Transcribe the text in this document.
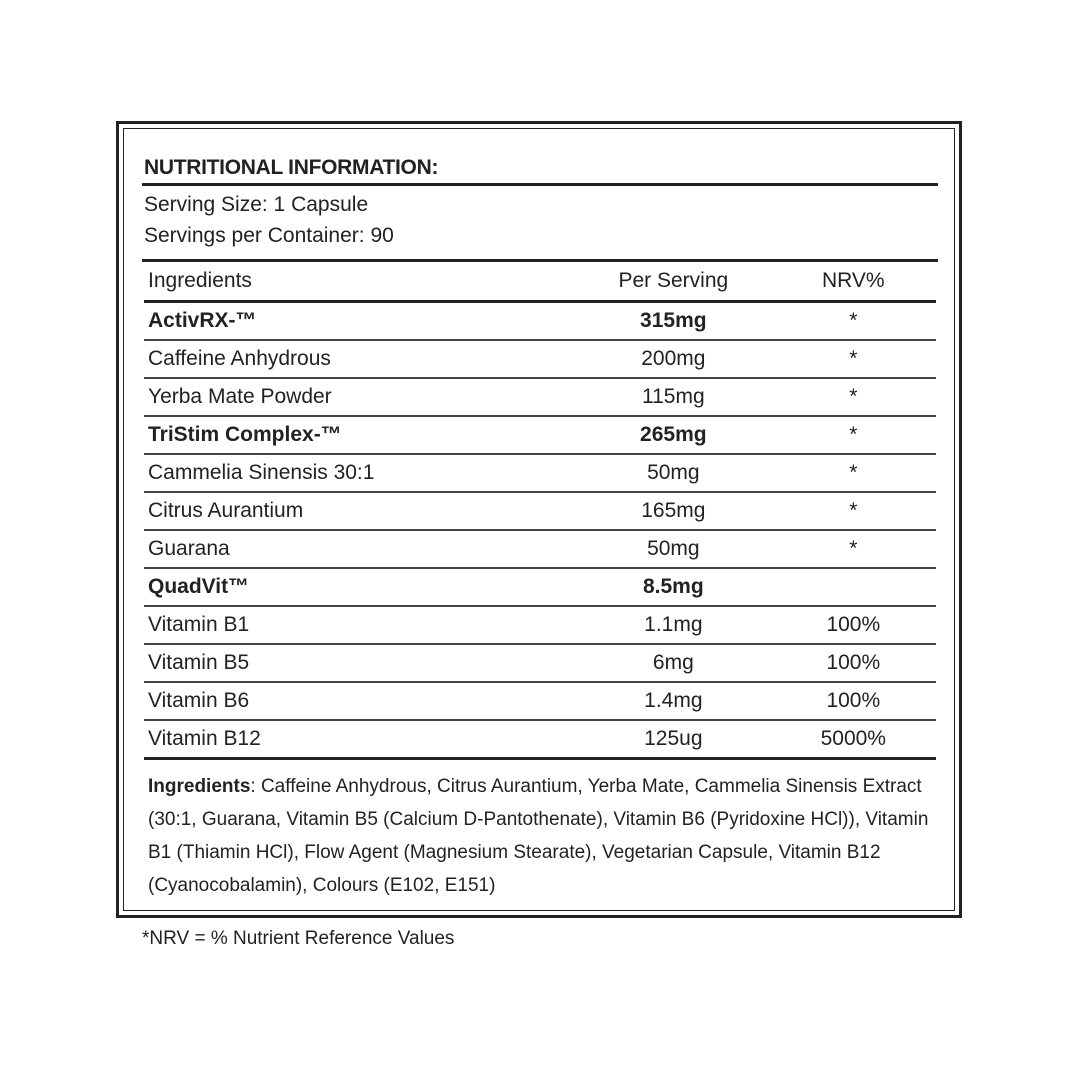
NUTRITIONAL INFORMATION:
Serving Size: 1 Capsule
Servings per Container: 90
Ingredients	Per Serving	NRV%
ActivRX-™	315mg	*
Caffeine Anhydrous	200mg	*
Yerba Mate Powder	115mg	*
TriStim Complex-™	265mg	*
Cammelia Sinensis 30:1	50mg	*
Citrus Aurantium	165mg	*
Guarana	50mg	*
QuadVit™	8.5mg
Vitamin B1	1.1mg	100%
Vitamin B5	6mg	100%
Vitamin B6	1.4mg	100%
Vitamin B12	125ug	5000%
Ingredients: Caffeine Anhydrous, Citrus Aurantium, Yerba Mate, Cammelia Sinensis Extract (30:1, Guarana, Vitamin B5 (Calcium D-Pantothenate), Vitamin B6 (Pyridoxine HCl)), Vitamin B1 (Thiamin HCl), Flow Agent (Magnesium Stearate), Vegetarian Capsule, Vitamin B12 (Cyanocobalamin), Colours (E102, E151)
*NRV = % Nutrient Reference Values
